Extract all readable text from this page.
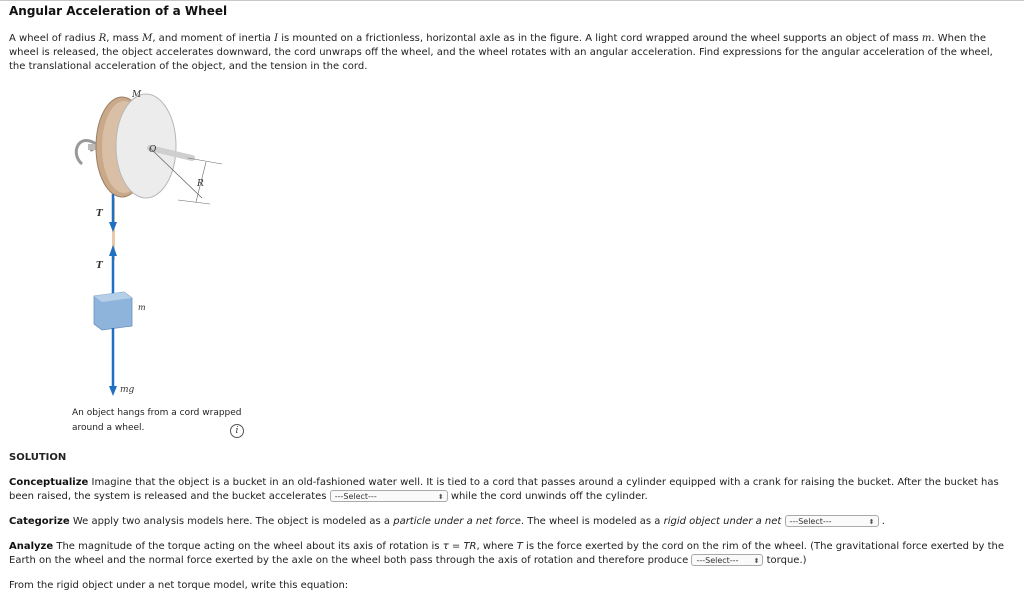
Angular Acceleration of a Wheel
A wheel of radius R, mass M, and moment of inertia I is mounted on a frictionless, horizontal axle as in the figure. A light cord wrapped around the wheel supports an object of mass m. When the wheel is released, the object accelerates downward, the cord unwraps off the wheel, and the wheel rotates with an angular acceleration. Find expressions for the angular acceleration of the wheel, the translational acceleration of the object, and the tension in the cord.
M
O
R
T
T
m
mg
An object hangs from a cord wrapped around a wheel.	i
SOLUTION
Conceptualize Imagine that the object is a bucket in an old-fashioned water well. It is tied to a cord that passes around a cylinder equipped with a crank for raising the bucket. After the bucket has been raised, the system is released and the bucket accelerates ---Select---	⬍ while the cord unwinds off the cylinder.
Categorize We apply two analysis models here. The object is modeled as a particle under a net force. The wheel is modeled as a rigid object under a net ---Select---	⬍ .
Analyze The magnitude of the torque acting on the wheel about its axis of rotation is τ = TR, where T is the force exerted by the cord on the rim of the wheel. (The gravitational force exerted by the Earth on the wheel and the normal force exerted by the axle on the wheel both pass through the axis of rotation and therefore produce ---Select--- ⬍ torque.)
From the rigid object under a net torque model, write this equation:
